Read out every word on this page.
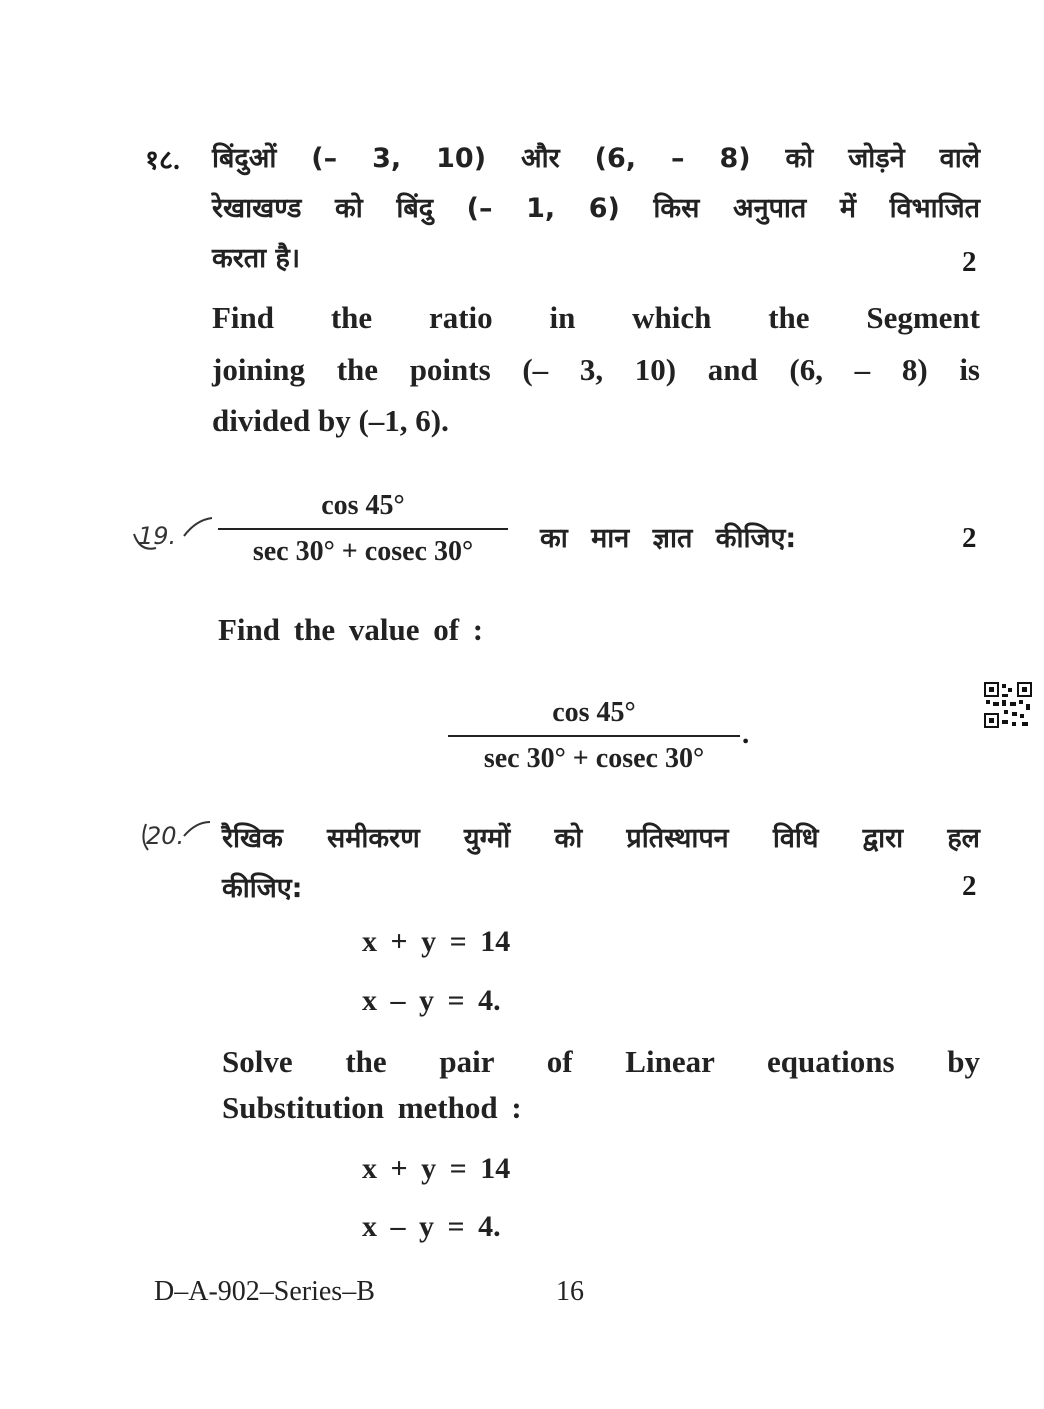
१८. बिंदुओं (– 3, 10) और (6, – 8) को जोड़ने वाले
रेखाखण्ड को बिंदु (– 1, 6) किस अनुपात में विभाजित
करता है।	2
Find the ratio in which the Segment
joining the points (– 3, 10) and (6, – 8) is
divided by (–1, 6).
19.
cos 45°
sec 30° + cosec 30°	का मान ज्ञात कीजिए:	2
Find the value of :
cos 45°
sec 30° + cosec 30°
.
20. रैखिक समीकरण युग्मों को प्रतिस्थापन विधि द्वारा हल
कीजिए:	2
x + y = 14
x – y = 4.
Solve the pair of Linear equations by
Substitution method :
x + y = 14
x – y = 4.
D–A-902–Series–B	16
